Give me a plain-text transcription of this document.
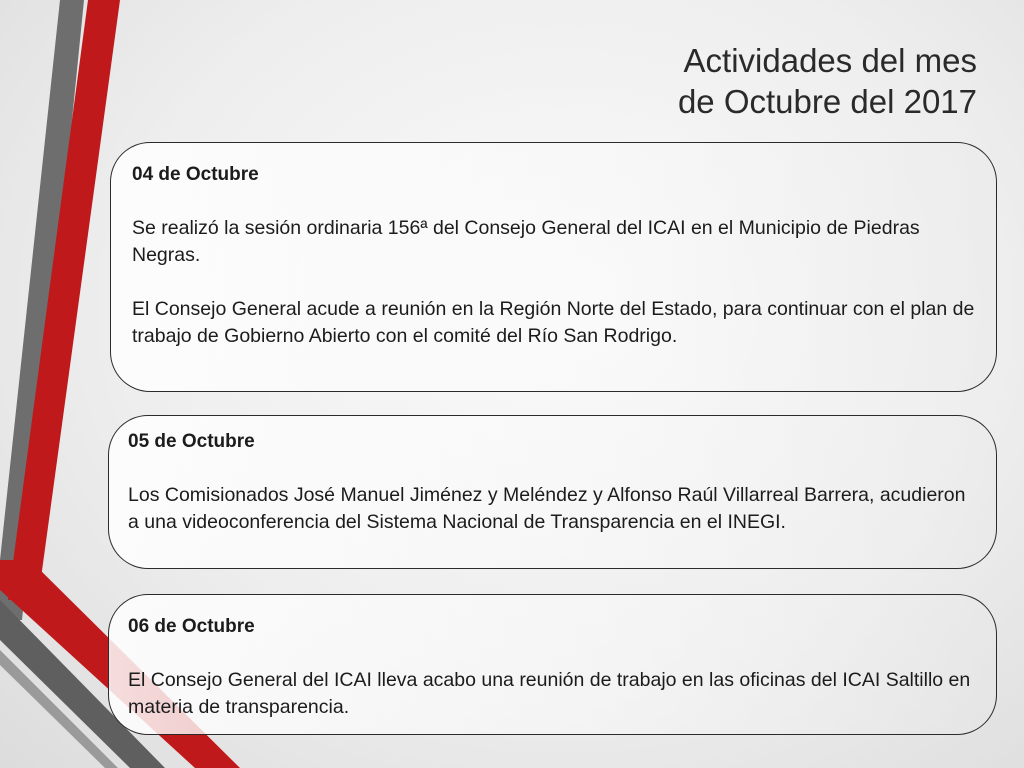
Actividades del mes
de Octubre del 2017
04 de Octubre

Se realizó la sesión ordinaria 156ª del Consejo General del ICAI en el Municipio de Piedras Negras.

El Consejo General acude a reunión en la Región Norte del Estado, para continuar con el plan de trabajo de Gobierno Abierto con el comité del Río San Rodrigo.

05 de Octubre

Los Comisionados José Manuel Jiménez y Meléndez y Alfonso Raúl Villarreal Barrera, acudieron a una videoconferencia del Sistema Nacional de Transparencia en el INEGI.

06 de Octubre

El Consejo General del ICAI lleva acabo una reunión de trabajo en las oficinas del ICAI Saltillo en materia de transparencia.
